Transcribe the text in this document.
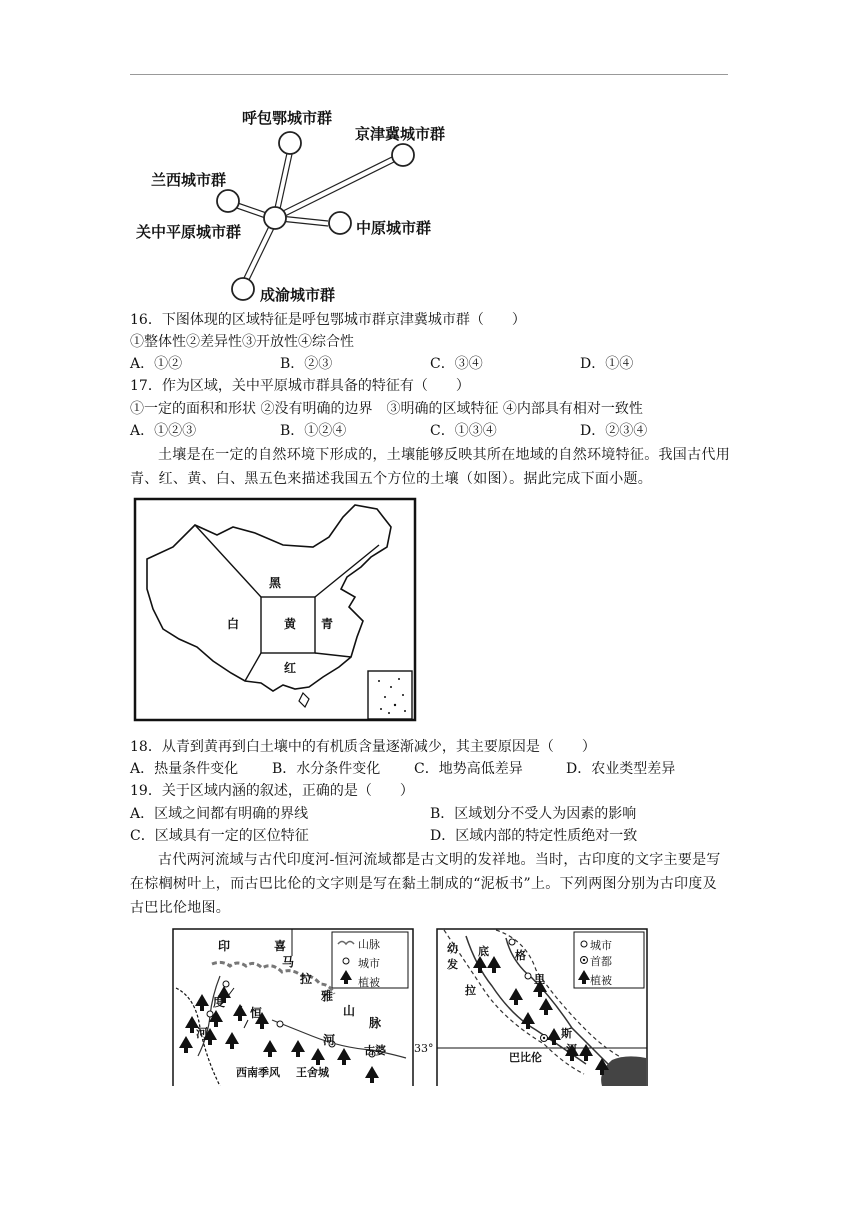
呼包鄂城市群
京津冀城市群
兰西城市群
关中平原城市群	中原城市群
成渝城市群
16．下图体现的区域特征是呼包鄂城市群京津冀城市群（　　）
①整体性②差异性③开放性④综合性
A．①②	B．②③	C．③④	D．①④
17．作为区域，关中平原城市群具备的特征有（　　）
①一定的面积和形状 ②没有明确的边界　③明确的区域特征 ④内部具有相对一致性
A．①②③	B．①②④	C．①③④	D．②③④
土壤是在一定的自然环境下形成的，土壤能够反映其所在地域的自然环境特征。我国古代用青、红、黄、白、黑五色来描述我国五个方位的土壤（如图）。据此完成下面小题。
黑
白	黄 青
红
18．从青到黄再到白土壤中的有机质含量逐渐减少，其主要原因是（　　）
A．热量条件变化 B．水分条件变化 C．地势高低差异	D．农业类型差异
19．关于区域内涵的叙述，正确的是（　　）
A．区域之间都有明确的界线	B．区域划分不受人为因素的影响
C．区域具有一定的区位特征	D．区域内部的特定性质绝对一致
古代两河流域与古代印度河-恒河流域都是古文明的发祥地。当时，古印度的文字主要是写在棕榈树叶上，而古巴比伦的文字则是写在黏土制成的“泥板书”上。下列两图分别为古印度及古巴比伦地图。
印
度
河
喜
马
拉
雅
山
脉
恒
河
古婆
西南季风 王舍城
山脉
城市
植被
幼
发
底
拉
格
里
斯
河
巴比伦
33°
城市
首都
植被
